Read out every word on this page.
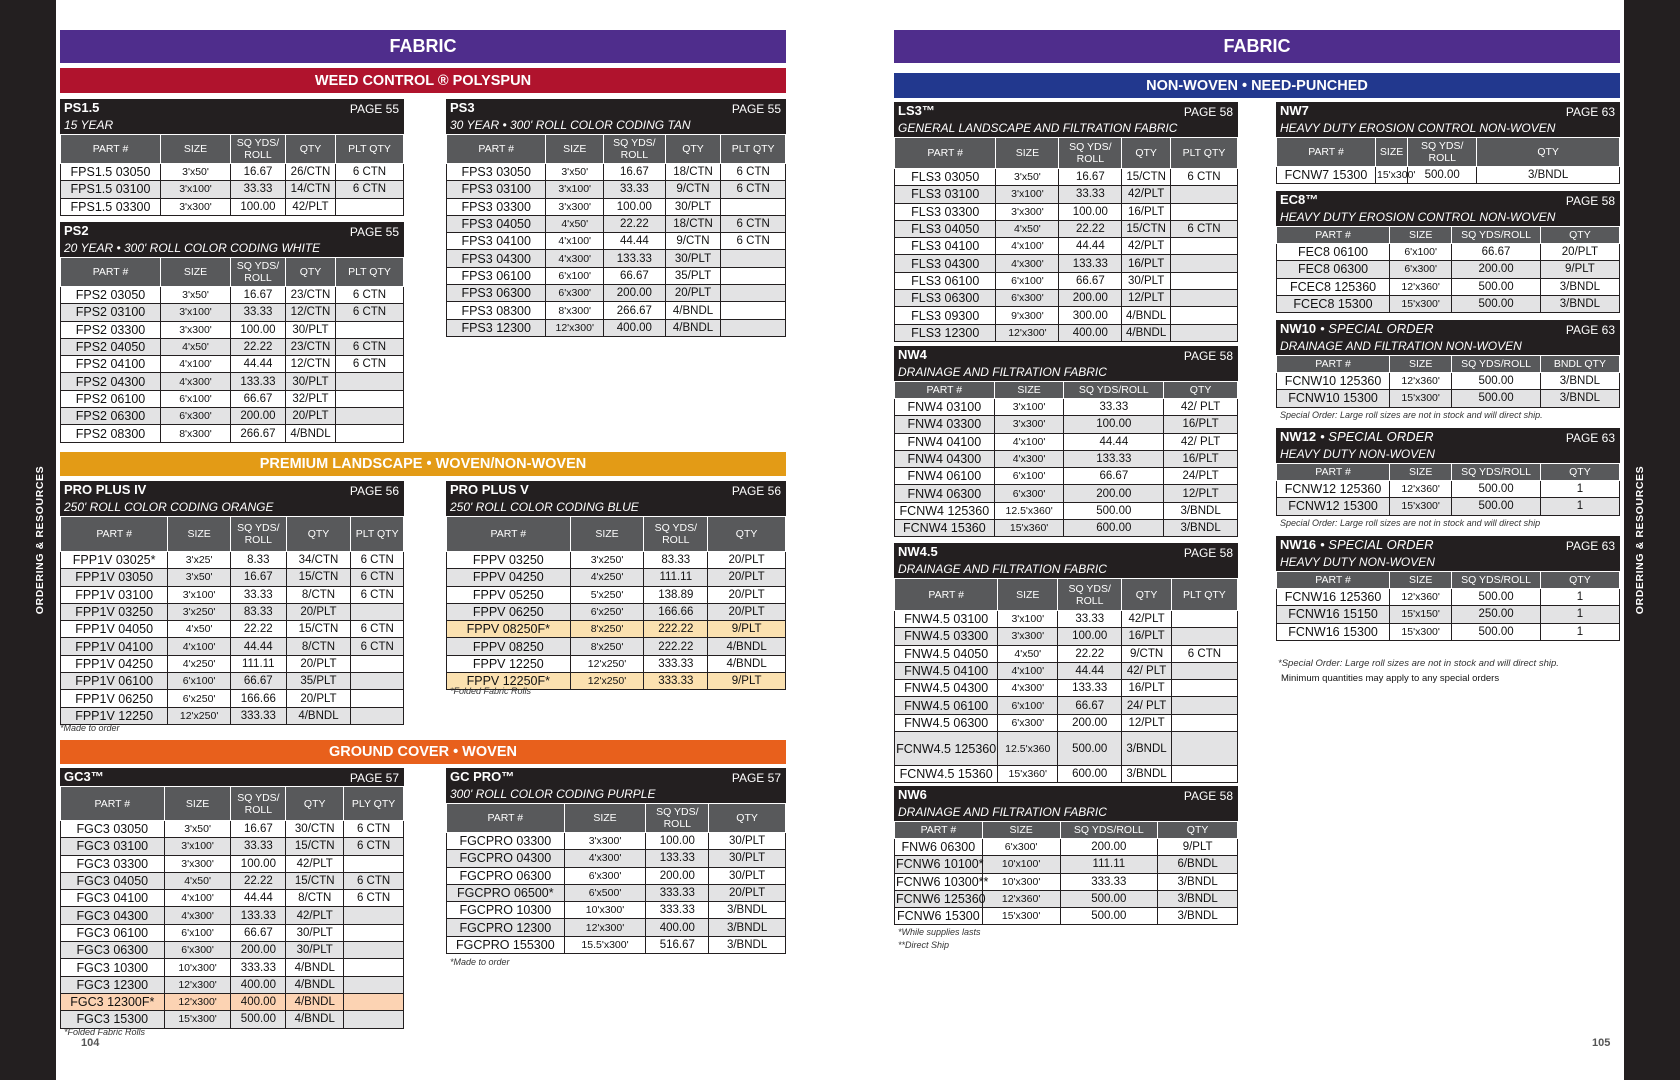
ORDERING & RESOURCES	ORDERING & RESOURCES
FABRIC
WEED CONTROL ® POLYSPUN
PREMIUM LANDSCAPE • WOVEN/NON-WOVEN
GROUND COVER • WOVEN
FABRIC
NON-WOVEN • NEED-PUNCHED
PS1.5	PAGE 55
15 YEAR
PART #	SIZE	SQ YDS/ ROLL	QTY	PLT QTY
FPS1.5 03050	3'x50'	16.67	26/CTN	6 CTN
FPS1.5 03100	3'x100'	33.33	14/CTN	6 CTN
FPS1.5 03300	3'x300'	100.00	42/PLT	
PS2	PAGE 55
20 YEAR • 300' ROLL COLOR CODING WHITE
PART #	SIZE	SQ YDS/ ROLL	QTY	PLT QTY
FPS2 03050	3'x50'	16.67	23/CTN	6 CTN
FPS2 03100	3'x100'	33.33	12/CTN	6 CTN
FPS2 03300	3'x300'	100.00	30/PLT	
FPS2 04050	4'x50'	22.22	23/CTN	6 CTN
FPS2 04100	4'x100'	44.44	12/CTN	6 CTN
FPS2 04300	4'x300'	133.33	30/PLT	
FPS2 06100	6'x100'	66.67	32/PLT	
FPS2 06300	6'x300'	200.00	20/PLT	
FPS2 08300	8'x300'	266.67	4/BNDL	
PS3	PAGE 55
30 YEAR • 300' ROLL COLOR CODING TAN
PART #	SIZE	SQ YDS/ ROLL	QTY	PLT QTY
FPS3 03050	3'x50'	16.67	18/CTN	6 CTN
FPS3 03100	3'x100'	33.33	9/CTN	6 CTN
FPS3 03300	3'x300'	100.00	30/PLT	
FPS3 04050	4'x50'	22.22	18/CTN	6 CTN
FPS3 04100	4'x100'	44.44	9/CTN	6 CTN
FPS3 04300	4'x300'	133.33	30/PLT	
FPS3 06100	6'x100'	66.67	35/PLT	
FPS3 06300	6'x300'	200.00	20/PLT	
FPS3 08300	8'x300'	266.67	4/BNDL	
FPS3 12300	12'x300'	400.00	4/BNDL	
PRO PLUS IV	PAGE 56
250' ROLL COLOR CODING ORANGE
PART #	SIZE	SQ YDS/ ROLL	QTY	PLT QTY
FPP1V 03025*	3'x25'	8.33	34/CTN	6 CTN
FPP1V 03050	3'x50'	16.67	15/CTN	6 CTN
FPP1V 03100	3'x100'	33.33	8/CTN	6 CTN
FPP1V 03250	3'x250'	83.33	20/PLT	
FPP1V 04050	4'x50'	22.22	15/CTN	6 CTN
FPP1V 04100	4'x100'	44.44	8/CTN	6 CTN
FPP1V 04250	4'x250'	111.11	20/PLT	
FPP1V 06100	6'x100'	66.67	35/PLT	
FPP1V 06250	6'x250'	166.66	20/PLT	
FPP1V 12250	12'x250'	333.33	4/BNDL	
PRO PLUS V	PAGE 56
250' ROLL COLOR CODING BLUE
PART #	SIZE	SQ YDS/ ROLL	QTY
FPPV 03250	3'x250'	83.33	20/PLT
FPPV 04250	4'x250'	111.11	20/PLT
FPPV 05250	5'x250'	138.89	20/PLT
FPPV 06250	6'x250'	166.66	20/PLT
FPPV 08250F*	8'x250'	222.22	9/PLT
FPPV 08250	8'x250'	222.22	4/BNDL
FPPV 12250	12'x250'	333.33	4/BNDL
FPPV 12250F*	12'x250'	333.33	9/PLT
GC3™	PAGE 57
PART #	SIZE	SQ YDS/ ROLL	QTY	PLY QTY
FGC3 03050	3'x50'	16.67	30/CTN	6 CTN
FGC3 03100	3'x100'	33.33	15/CTN	6 CTN
FGC3 03300	3'x300'	100.00	42/PLT	
FGC3 04050	4'x50'	22.22	15/CTN	6 CTN
FGC3 04100	4'x100'	44.44	8/CTN	6 CTN
FGC3 04300	4'x300'	133.33	42/PLT	
FGC3 06100	6'x100'	66.67	30/PLT	
FGC3 06300	6'x300'	200.00	30/PLT	
FGC3 10300	10'x300'	333.33	4/BNDL	
FGC3 12300	12'x300'	400.00	4/BNDL	
FGC3 12300F*	12'x300'	400.00	4/BNDL	
FGC3 15300	15'x300'	500.00	4/BNDL	
GC PRO™	PAGE 57
300' ROLL COLOR CODING PURPLE
PART #	SIZE	SQ YDS/ ROLL	QTY
FGCPRO 03300	3'x300'	100.00	30/PLT
FGCPRO 04300	4'x300'	133.33	30/PLT
FGCPRO 06300	6'x300'	200.00	30/PLT
FGCPRO 06500*	6'x500'	333.33	20/PLT
FGCPRO 10300	10'x300'	333.33	3/BNDL
FGCPRO 12300	12'x300'	400.00	3/BNDL
FGCPRO 155300	15.5'x300'	516.67	3/BNDL
LS3™	PAGE 58
GENERAL LANDSCAPE AND FILTRATION FABRIC
PART #	SIZE	SQ YDS/ ROLL	QTY	PLT QTY
FLS3 03050	3'x50'	16.67	15/CTN	6 CTN
FLS3 03100	3'x100'	33.33	42/PLT	
FLS3 03300	3'x300'	100.00	16/PLT	
FLS3 04050	4'x50'	22.22	15/CTN	6 CTN
FLS3 04100	4'x100'	44.44	42/PLT	
FLS3 04300	4'x300'	133.33	16/PLT	
FLS3 06100	6'x100'	66.67	30/PLT	
FLS3 06300	6'x300'	200.00	12/PLT	
FLS3 09300	9'x300'	300.00	4/BNDL	
FLS3 12300	12'x300'	400.00	4/BNDL	
NW4	PAGE 58
DRAINAGE AND FILTRATION FABRIC
PART #	SIZE	SQ YDS/ROLL	QTY
FNW4 03100	3'x100'	33.33	42/ PLT
FNW4 03300	3'x300'	100.00	16/PLT
FNW4 04100	4'x100'	44.44	42/ PLT
FNW4 04300	4'x300'	133.33	16/PLT
FNW4 06100	6'x100'	66.67	24/PLT
FNW4 06300	6'x300'	200.00	12/PLT
FCNW4 125360	12.5'x360'	500.00	3/BNDL
FCNW4 15360	15'x360'	600.00	3/BNDL
NW4.5	PAGE 58
DRAINAGE AND FILTRATION FABRIC
PART #	SIZE	SQ YDS/ ROLL	QTY	PLT QTY
FNW4.5 03100	3'x100'	33.33	42/PLT	
FNW4.5 03300	3'x300'	100.00	16/PLT	
FNW4.5 04050	4'x50'	22.22	9/CTN	6 CTN
FNW4.5 04100	4'x100'	44.44	42/ PLT	
FNW4.5 04300	4'x300'	133.33	16/PLT	
FNW4.5 06100	6'x100'	66.67	24/ PLT	
FNW4.5 06300	6'x300'	200.00	12/PLT	
FCNW4.5 125360	12.5'x360	500.00	3/BNDL	
FCNW4.5 15360	15'x360'	600.00	3/BNDL	
NW6	PAGE 58
DRAINAGE AND FILTRATION FABRIC
PART #	SIZE	SQ YDS/ROLL	QTY
FNW6 06300	6'x300'	200.00	9/PLT
FCNW6 10100*	10'x100'	111.11	6/BNDL
FCNW6 10300**	10'x300'	333.33	3/BNDL
FCNW6 125360	12'x360'	500.00	3/BNDL
FCNW6 15300	15'x300'	500.00	3/BNDL
NW7	PAGE 63
HEAVY DUTY EROSION CONTROL NON-WOVEN
PART #	SIZE	SQ YDS/ ROLL	QTY
FCNW7 15300	15'x300'	500.00	3/BNDL
EC8™	PAGE 58
HEAVY DUTY EROSION CONTROL NON-WOVEN
PART #	SIZE	SQ YDS/ROLL	QTY
FEC8 06100	6'x100'	66.67	20/PLT
FEC8 06300	6'x300'	200.00	9/PLT
FCEC8 125360	12'x360'	500.00	3/BNDL
FCEC8 15300	15'x300'	500.00	3/BNDL
NW10 • SPECIAL ORDER	PAGE 63
DRAINAGE AND FILTRATION NON-WOVEN
PART #	SIZE	SQ YDS/ROLL	BNDL QTY
FCNW10 125360	12'x360'	500.00	3/BNDL
FCNW10 15300	15'x300'	500.00	3/BNDL
NW12 • SPECIAL ORDER	PAGE 63
HEAVY DUTY NON-WOVEN
PART #	SIZE	SQ YDS/ROLL	QTY
FCNW12 125360	12'x360'	500.00	1
FCNW12 15300	15'x300'	500.00	1
NW16 • SPECIAL ORDER	PAGE 63
HEAVY DUTY NON-WOVEN
PART #	SIZE	SQ YDS/ROLL	QTY
FCNW16 125360	12'x360'	500.00	1
FCNW16 15150	15'x150'	250.00	1
FCNW16 15300	15'x300'	500.00	1
*Made to order
*Folded Fabric Rolls
*Folded Fabric Rolls
*Made to order
*While supplies lasts
**Direct Ship
Special Order: Large roll sizes are not in stock and will direct ship.
Special Order: Large roll sizes are not in stock and will direct ship
*Special Order: Large roll sizes are not in stock and will direct ship.
Minimum quantities may apply to any special orders
104	105
